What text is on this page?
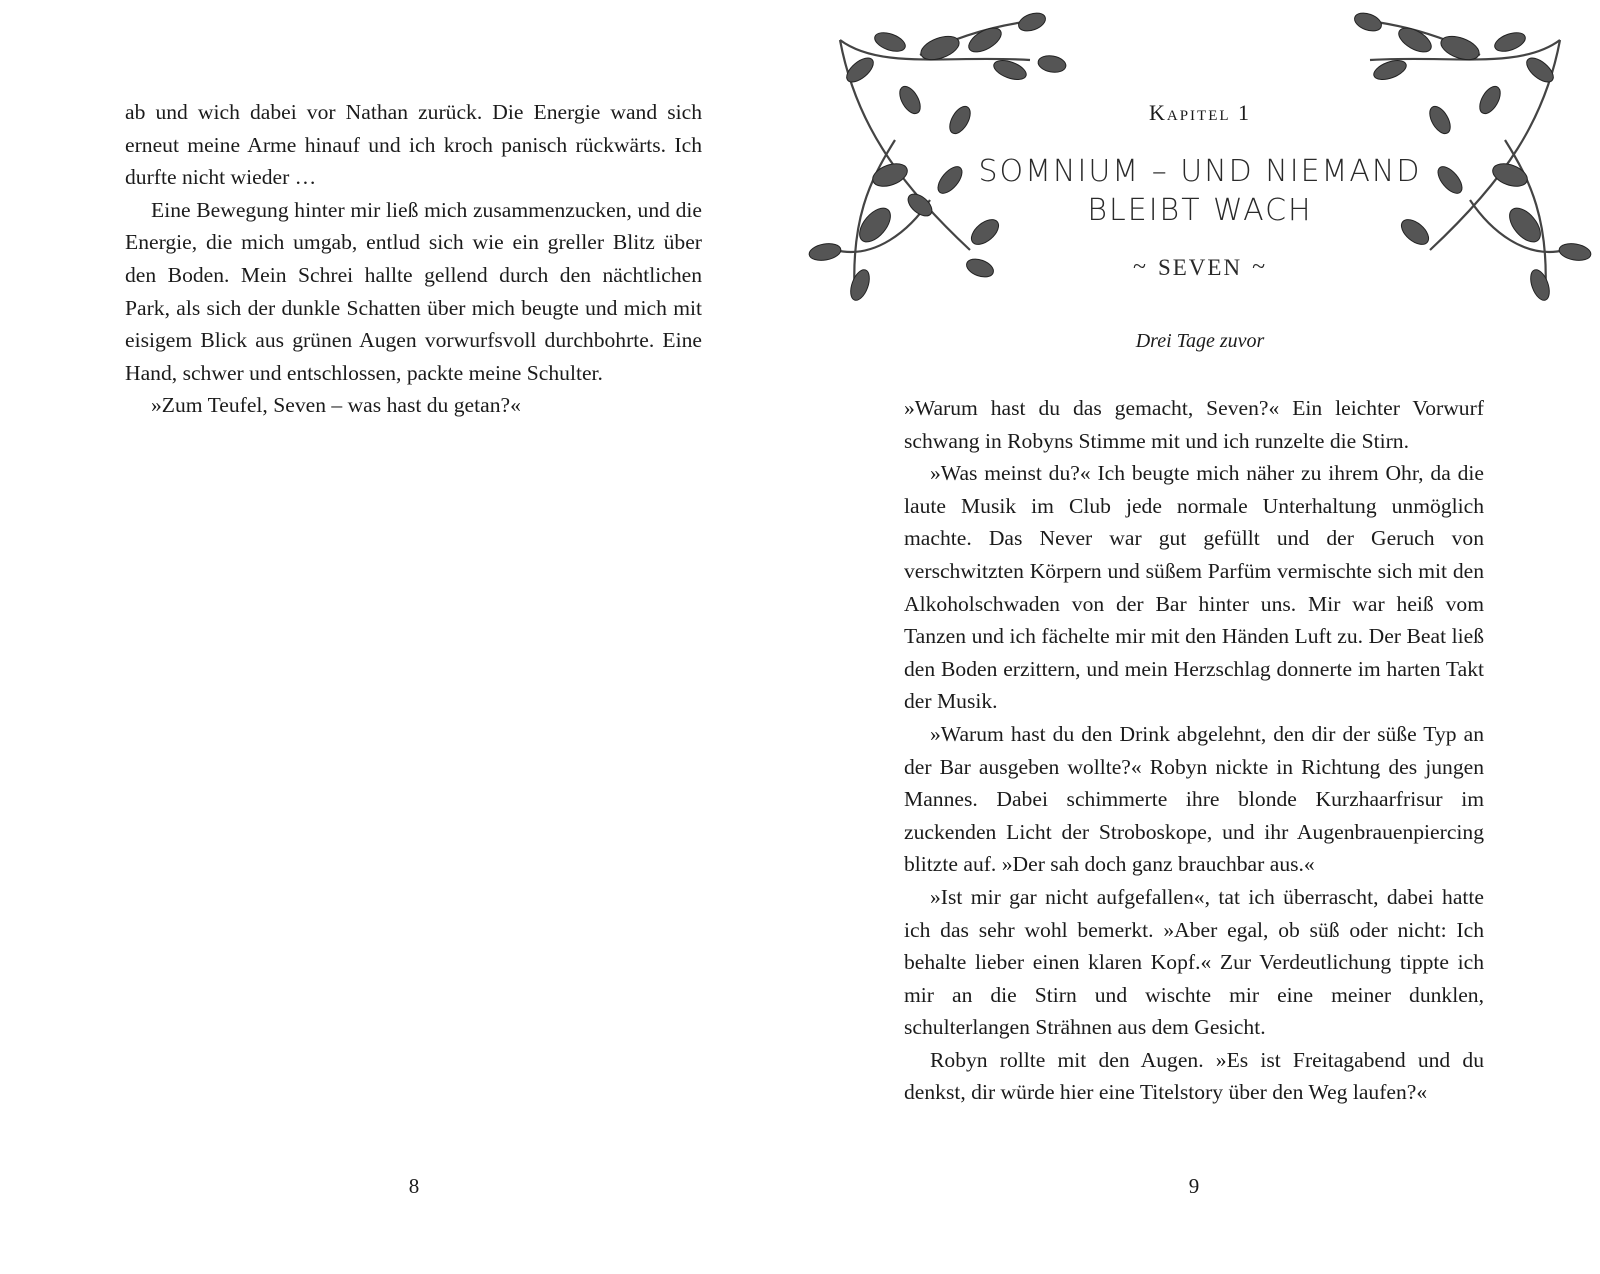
ab und wich dabei vor Nathan zurück. Die Energie wand sich erneut meine Arme hinauf und ich kroch panisch rückwärts. Ich durfte nicht wieder …

Eine Bewegung hinter mir ließ mich zusammenzucken, und die Energie, die mich umgab, entlud sich wie ein greller Blitz über den Boden. Mein Schrei hallte gellend durch den nächtlichen Park, als sich der dunkle Schatten über mich beugte und mich mit eisigem Blick aus grünen Augen vorwurfsvoll durchbohrte. Eine Hand, schwer und entschlossen, packte meine Schulter.

»Zum Teufel, Seven – was hast du getan?«

8
Kapitel 1
SOMNIUM – UND NIEMAND
BLEIBT WACH
~ SEVEN ~
Drei Tage zuvor

»Warum hast du das gemacht, Seven?« Ein leichter Vorwurf schwang in Robyns Stimme mit und ich runzelte die Stirn.

»Was meinst du?« Ich beugte mich näher zu ihrem Ohr, da die laute Musik im Club jede normale Unterhaltung unmöglich machte. Das Never war gut gefüllt und der Geruch von verschwitzten Körpern und süßem Parfüm vermischte sich mit den Alkoholschwaden von der Bar hinter uns. Mir war heiß vom Tanzen und ich fächelte mir mit den Händen Luft zu. Der Beat ließ den Boden erzittern, und mein Herzschlag donnerte im harten Takt der Musik.

»Warum hast du den Drink abgelehnt, den dir der süße Typ an der Bar ausgeben wollte?« Robyn nickte in Richtung des jungen Mannes. Dabei schimmerte ihre blonde Kurzhaarfrisur im zuckenden Licht der Stroboskope, und ihr Augenbrauenpiercing blitzte auf. »Der sah doch ganz brauchbar aus.«

»Ist mir gar nicht aufgefallen«, tat ich überrascht, dabei hatte ich das sehr wohl bemerkt. »Aber egal, ob süß oder nicht: Ich behalte lieber einen klaren Kopf.« Zur Verdeutlichung tippte ich mir an die Stirn und wischte mir eine meiner dunklen, schulterlangen Strähnen aus dem Gesicht.

Robyn rollte mit den Augen. »Es ist Freitagabend und du denkst, dir würde hier eine Titelstory über den Weg laufen?«

9
